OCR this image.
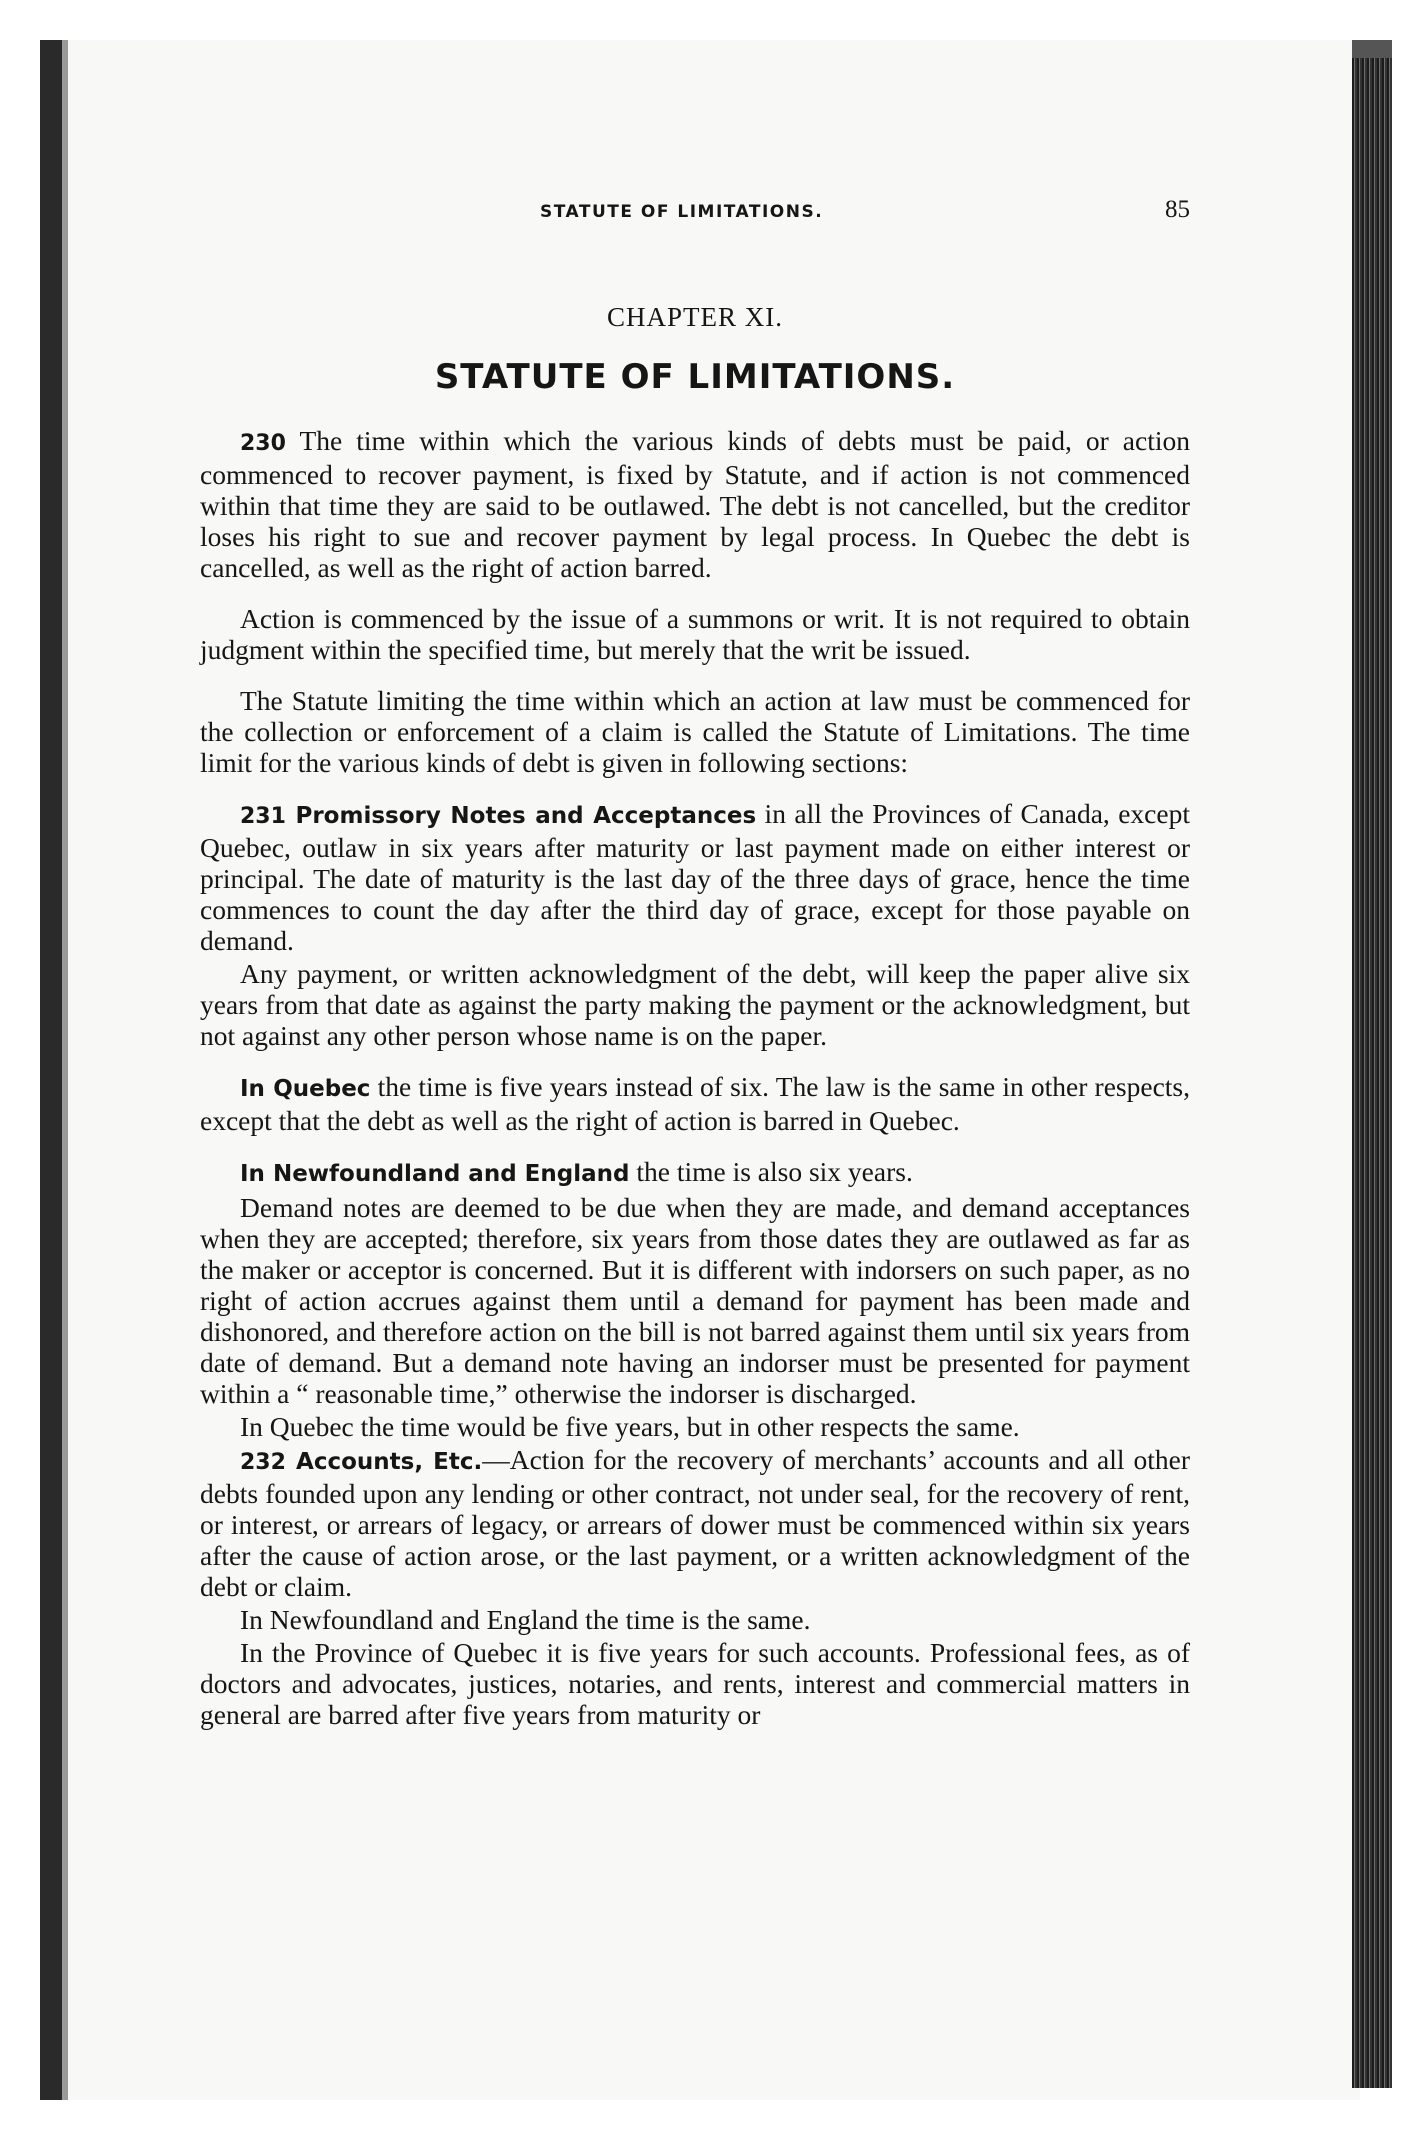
STATUTE OF LIMITATIONS.	85
CHAPTER XI.
STATUTE OF LIMITATIONS.

230 The time within which the various kinds of debts must be paid, or action commenced to recover payment, is fixed by Statute, and if action is not commenced within that time they are said to be outlawed. The debt is not cancelled, but the creditor loses his right to sue and recover payment by legal process. In Quebec the debt is cancelled, as well as the right of action barred.

Action is commenced by the issue of a summons or writ. It is not required to obtain judgment within the specified time, but merely that the writ be issued.

The Statute limiting the time within which an action at law must be commenced for the collection or enforcement of a claim is called the Statute of Limitations. The time limit for the various kinds of debt is given in following sections:

231 Promissory Notes and Acceptances in all the Provinces of Canada, except Quebec, outlaw in six years after maturity or last payment made on either interest or principal. The date of maturity is the last day of the three days of grace, hence the time commences to count the day after the third day of grace, except for those payable on demand.

Any payment, or written acknowledgment of the debt, will keep the paper alive six years from that date as against the party making the payment or the acknowledgment, but not against any other person whose name is on the paper.

In Quebec the time is five years instead of six. The law is the same in other respects, except that the debt as well as the right of action is barred in Quebec.

In Newfoundland and England the time is also six years.

Demand notes are deemed to be due when they are made, and demand acceptances when they are accepted; therefore, six years from those dates they are outlawed as far as the maker or acceptor is concerned. But it is different with indorsers on such paper, as no right of action accrues against them until a demand for payment has been made and dishonored, and therefore action on the bill is not barred against them until six years from date of demand. But a demand note having an indorser must be presented for payment within a “ reasonable time,” otherwise the indorser is discharged.

In Quebec the time would be five years, but in other respects the same.

232 Accounts, Etc.—Action for the recovery of merchants’ accounts and all other debts founded upon any lending or other contract, not under seal, for the recovery of rent, or interest, or arrears of legacy, or arrears of dower must be commenced within six years after the cause of action arose, or the last payment, or a written acknowledgment of the debt or claim.

In Newfoundland and England the time is the same.

In the Province of Quebec it is five years for such accounts. Professional fees, as of doctors and advocates, justices, notaries, and rents, interest and commercial matters in general are barred after five years from maturity or
